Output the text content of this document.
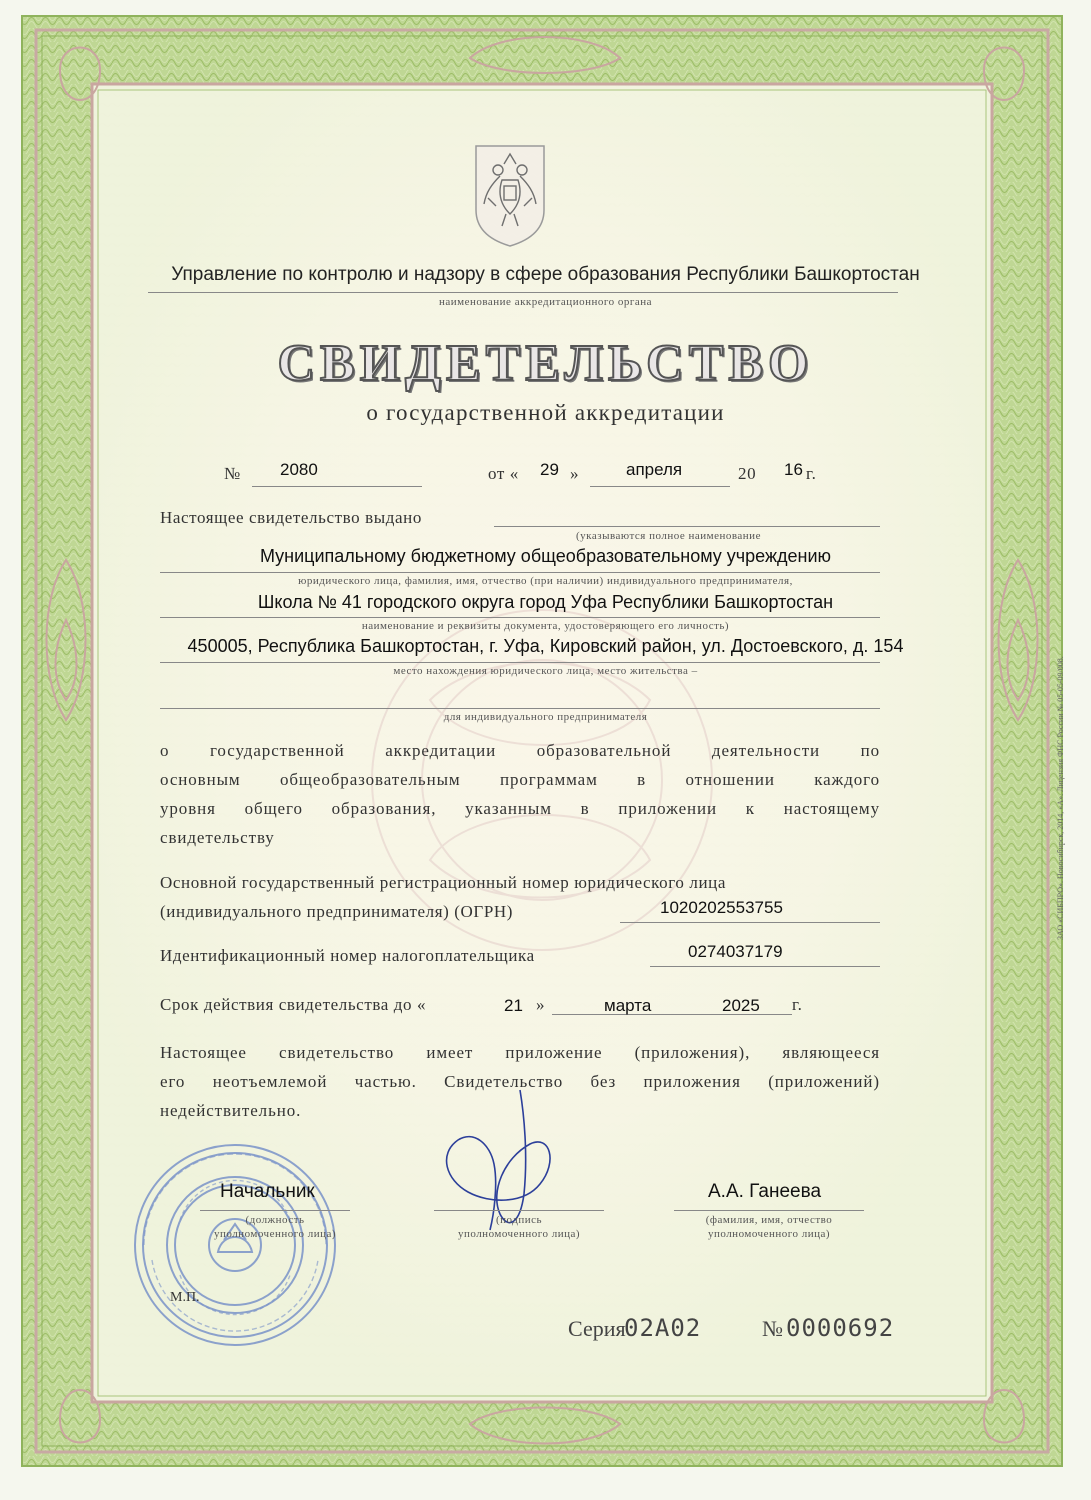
Управление по контролю и надзору в сфере образования Республики Башкортостан
наименование аккредитационного органа
СВИДЕТЕЛЬСТВО
о государственной аккредитации
№ 2080	от « 29 »	апреля	20 16 г.
Настоящее свидетельство выдано
(указываются полное наименование
Муниципальному бюджетному общеобразовательному учреждению
юридического лица, фамилия, имя, отчество (при наличии) индивидуального предпринимателя,
Школа № 41 городского округа город Уфа Республики Башкортостан
наименование и реквизиты документа, удостоверяющего его личность)
450005, Республика Башкортостан, г. Уфа, Кировский район, ул. Достоевского, д. 154
место нахождения юридического лица, место жительства –
для индивидуального предпринимателя
о государственной аккредитации образовательной деятельности по
основным общеобразовательным программам в отношении каждого
уровня общего образования, указанным в приложении к настоящему
свидетельству
Основной государственный регистрационный номер юридического лица
(индивидуального предпринимателя) (ОГРН)	1020202553755
Идентификационный номер налогоплательщика	0274037179
Срок действия свидетельства до «	21 »	марта	2025 г.
Настоящее свидетельство имеет приложение (приложения), являющееся
его неотъемлемой частью. Свидетельство без приложения (приложений)
недействительно.
Начальник
(должность
уполномоченного лица)
(подпись
уполномоченного лица)
А.А. Ганеева
(фамилия, имя, отчество
уполномоченного лица)
М.П.
Серия
02А02	№ 0000692
ЗАО «СИБПРО». Новосибирск, 2014, «А». Лицензия ФНС России № 05-05-09/008.
